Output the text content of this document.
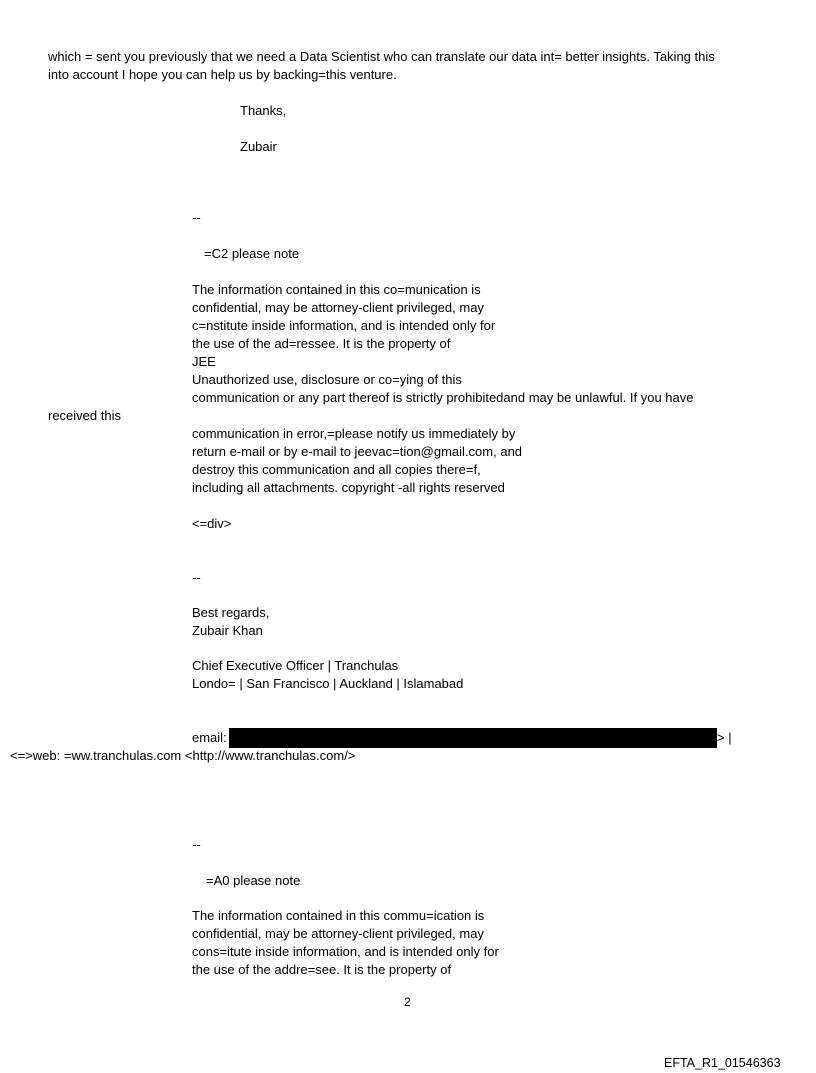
which = sent you previously that we need a Data Scientist who can translate our data int= better insights. Taking this
into account I hope you can help us by backing=this venture.
Thanks,
Zubair
--
=C2 please note
The information contained in this co=munication is
confidential, may be attorney-client privileged, may
c=nstitute inside information, and is intended only for
the use of the ad=ressee. It is the property of
JEE
Unauthorized use, disclosure or co=ying of this
communication or any part thereof is strictly prohibitedand may be unlawful. If you have
received this
communication in error,=please notify us immediately by
return e-mail or by e-mail to jeevac=tion@gmail.com, and
destroy this communication and all copies there=f,
including all attachments. copyright -all rights reserved
<=div>
--
Best regards,
Zubair Khan
Chief Executive Officer | Tranchulas
Londo= | San Francisco | Auckland | Islamabad
email:	> |
<=>web: =ww.tranchulas.com <http://www.tranchulas.com/>
--
=A0 please note
The information contained in this commu=ication is
confidential, may be attorney-client privileged, may
cons=itute inside information, and is intended only for
the use of the addre=see. It is the property of
2
EFTA_R1_01546363
